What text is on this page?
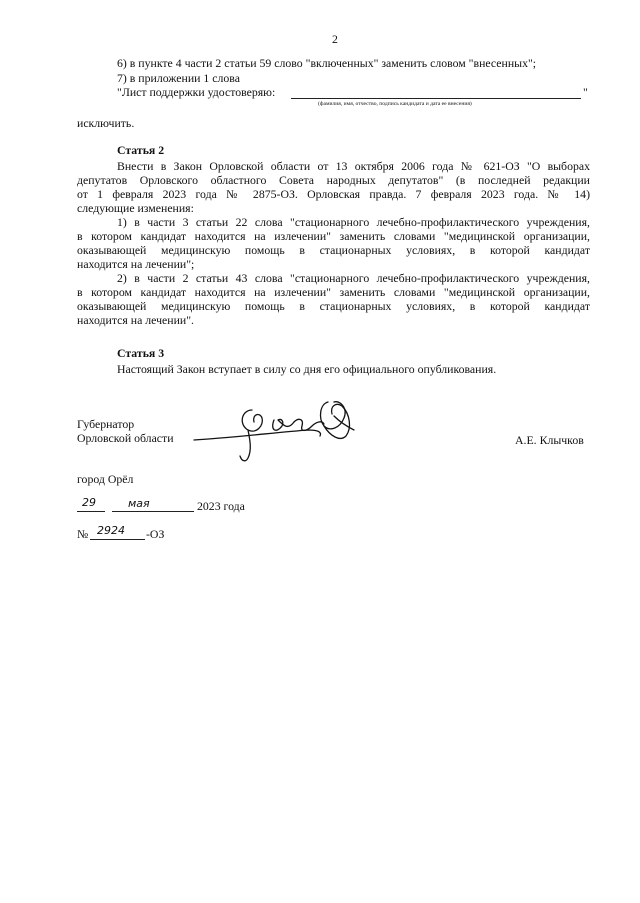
2
6) в пункте 4 части 2 статьи 59 слово "включенных" заменить словом "внесенных";
7) в приложении 1 слова
"Лист поддержки удостоверяю:	"
(фамилия, имя, отчество, подпись кандидата и дата ее внесения)
исключить.
Статья 2
Внести в Закон Орловской области от 13 октября 2006 года № 621-ОЗ "О выборах
депутатов Орловского областного Совета народных депутатов" (в последней редакции
от 1 февраля 2023 года № 2875-ОЗ. Орловская правда. 7 февраля 2023 года. № 14)
следующие изменения:
1) в части 3 статьи 22 слова "стационарного лечебно-профилактического учреждения,
в котором кандидат находится на излечении" заменить словами "медицинской организации,
оказывающей медицинскую помощь в стационарных условиях, в которой кандидат
находится на лечении";
2) в части 2 статьи 43 слова "стационарного лечебно-профилактического учреждения,
в котором кандидат находится на излечении" заменить словами "медицинской организации,
оказывающей медицинскую помощь в стационарных условиях, в которой кандидат
находится на лечении".
Статья 3
Настоящий Закон вступает в силу со дня его официального опубликования.
Губернатор
Орловской области	А.Е. Клычков
город Орёл
29	мая	2023 года
№ 2924 -ОЗ
